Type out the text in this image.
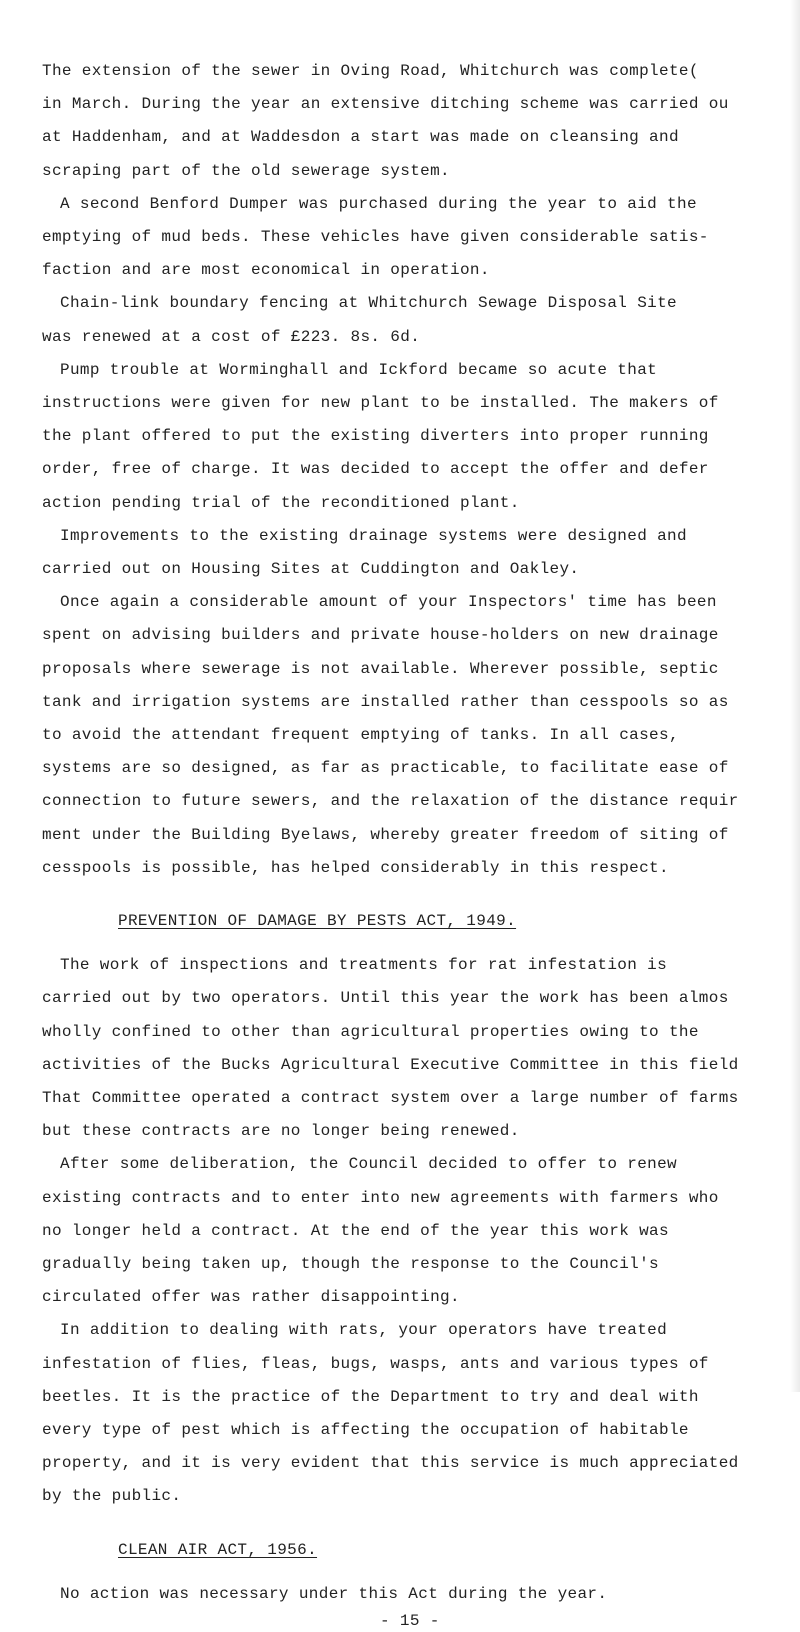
The extension of the sewer in Oving Road, Whitchurch was complete(
in March. During the year an extensive ditching scheme was carried ou
at Haddenham, and at Waddesdon a start was made on cleansing and
scraping part of the old sewerage system.
A second Benford Dumper was purchased during the year to aid the
emptying of mud beds. These vehicles have given considerable satis-
faction and are most economical in operation.
Chain-link boundary fencing at Whitchurch Sewage Disposal Site
was renewed at a cost of £223. 8s. 6d.
Pump trouble at Worminghall and Ickford became so acute that
instructions were given for new plant to be installed. The makers of
the plant offered to put the existing diverters into proper running
order, free of charge. It was decided to accept the offer and defer
action pending trial of the reconditioned plant.
Improvements to the existing drainage systems were designed and
carried out on Housing Sites at Cuddington and Oakley.
Once again a considerable amount of your Inspectors' time has been
spent on advising builders and private house-holders on new drainage
proposals where sewerage is not available. Wherever possible, septic
tank and irrigation systems are installed rather than cesspools so as
to avoid the attendant frequent emptying of tanks. In all cases,
systems are so designed, as far as practicable, to facilitate ease of
connection to future sewers, and the relaxation of the distance requir
ment under the Building Byelaws, whereby greater freedom of siting of
cesspools is possible, has helped considerably in this respect.
PREVENTION OF DAMAGE BY PESTS ACT, 1949.
The work of inspections and treatments for rat infestation is
carried out by two operators. Until this year the work has been almos
wholly confined to other than agricultural properties owing to the
activities of the Bucks Agricultural Executive Committee in this field
That Committee operated a contract system over a large number of farms
but these contracts are no longer being renewed.
After some deliberation, the Council decided to offer to renew
existing contracts and to enter into new agreements with farmers who
no longer held a contract. At the end of the year this work was
gradually being taken up, though the response to the Council's
circulated offer was rather disappointing.
In addition to dealing with rats, your operators have treated
infestation of flies, fleas, bugs, wasps, ants and various types of
beetles. It is the practice of the Department to try and deal with
every type of pest which is affecting the occupation of habitable
property, and it is very evident that this service is much appreciated
by the public.
CLEAN AIR ACT, 1956.
No action was necessary under this Act during the year.
- 15 -
